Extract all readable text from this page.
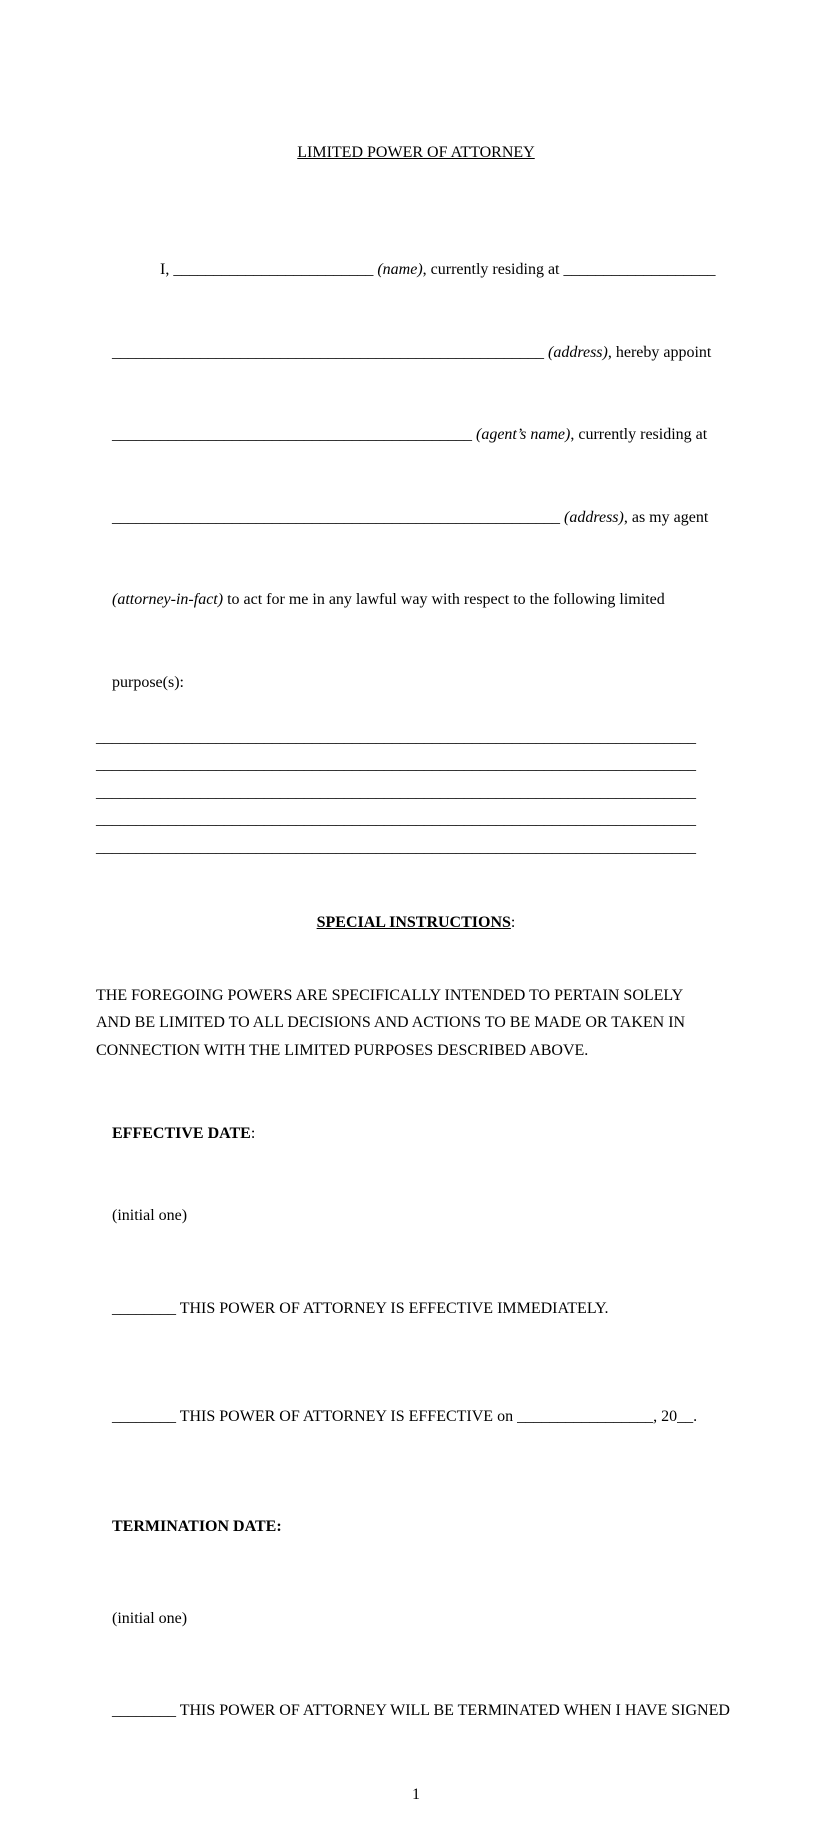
LIMITED POWER OF ATTORNEY

I, _________________________ (name), currently residing at ___________________

______________________________________________________ (address), hereby appoint

_____________________________________________ (agent’s name), currently residing at

________________________________________________________ (address), as my agent

(attorney-in-fact) to act for me in any lawful way with respect to the following limited

purpose(s):

___________________________________________________________________________
___________________________________________________________________________
___________________________________________________________________________
___________________________________________________________________________
___________________________________________________________________________

SPECIAL INSTRUCTIONS:

THE FOREGOING POWERS ARE SPECIFICALLY INTENDED TO PERTAIN SOLELY
AND BE LIMITED TO ALL DECISIONS AND ACTIONS TO BE MADE OR TAKEN IN
CONNECTION WITH THE LIMITED PURPOSES DESCRIBED ABOVE.

EFFECTIVE DATE:

(initial one)

________ THIS POWER OF ATTORNEY IS EFFECTIVE IMMEDIATELY.

________ THIS POWER OF ATTORNEY IS EFFECTIVE on _________________, 20__.

TERMINATION DATE:

(initial one)

________ THIS POWER OF ATTORNEY WILL BE TERMINATED WHEN I HAVE SIGNED

1
